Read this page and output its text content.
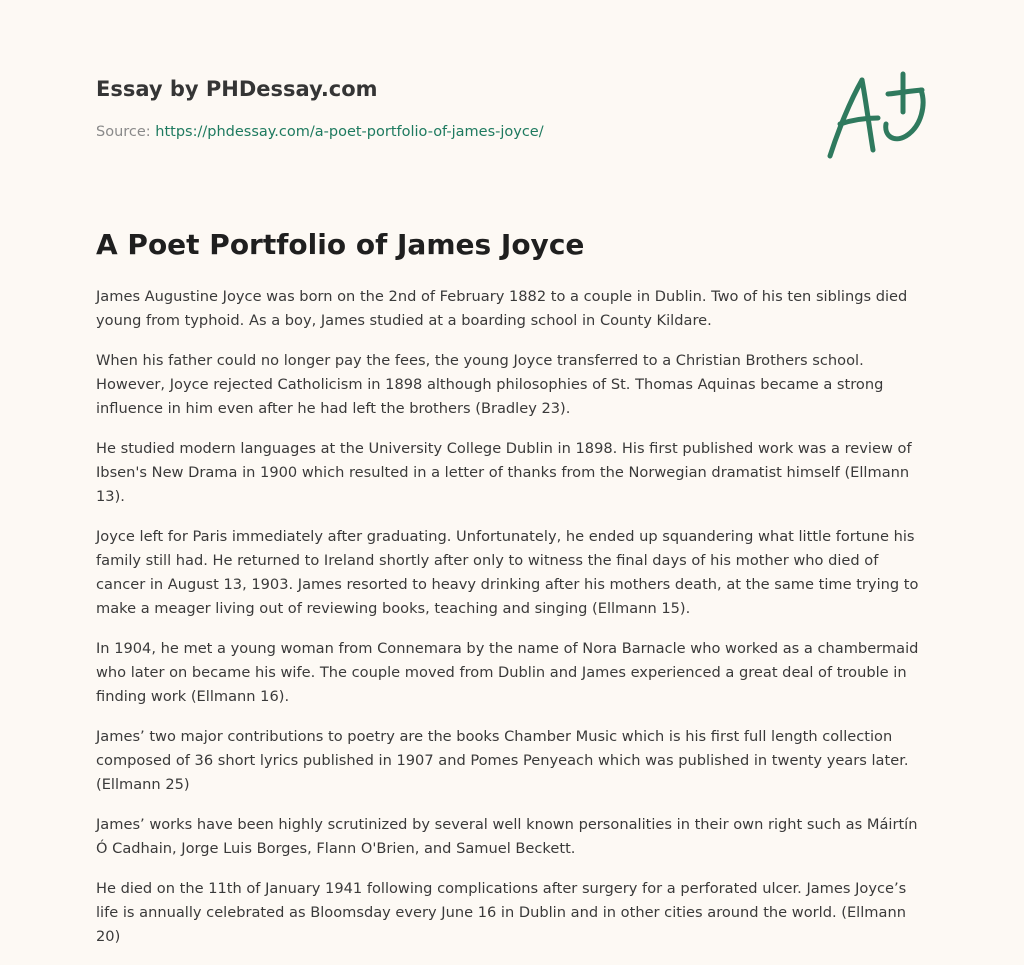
Essay by PHDessay.com
Source: https://phdessay.com/a-poet-portfolio-of-james-joyce/
A Poet Portfolio of James Joyce

James Augustine Joyce was born on the 2nd of February 1882 to a couple in Dublin. Two of his ten siblings died young from typhoid. As a boy, James studied at a boarding school in County Kildare.

When his father could no longer pay the fees, the young Joyce transferred to a Christian Brothers school. However, Joyce rejected Catholicism in 1898 although philosophies of St. Thomas Aquinas became a strong influence in him even after he had left the brothers (Bradley 23).

He studied modern languages at the University College Dublin in 1898. His first published work was a review of Ibsen's New Drama in 1900 which resulted in a letter of thanks from the Norwegian dramatist himself (Ellmann 13).

Joyce left for Paris immediately after graduating. Unfortunately, he ended up squandering what little fortune his family still had. He returned to Ireland shortly after only to witness the final days of his mother who died of cancer in August 13, 1903. James resorted to heavy drinking after his mothers death, at the same time trying to make a meager living out of reviewing books, teaching and singing (Ellmann 15).

In 1904, he met a young woman from Connemara by the name of Nora Barnacle who worked as a chambermaid who later on became his wife. The couple moved from Dublin and James experienced a great deal of trouble in finding work (Ellmann 16).

James’ two major contributions to poetry are the books Chamber Music which is his first full length collection composed of 36 short lyrics published in 1907 and Pomes Penyeach which was published in twenty years later. (Ellmann 25)

James’ works have been highly scrutinized by several well known personalities in their own right such as Máirtín Ó Cadhain, Jorge Luis Borges, Flann O'Brien, and Samuel Beckett.

He died on the 11th of January 1941 following complications after surgery for a perforated ulcer. James Joyce’s life is annually celebrated as Bloomsday every June 16 in Dublin and in other cities around the world. (Ellmann 20)
